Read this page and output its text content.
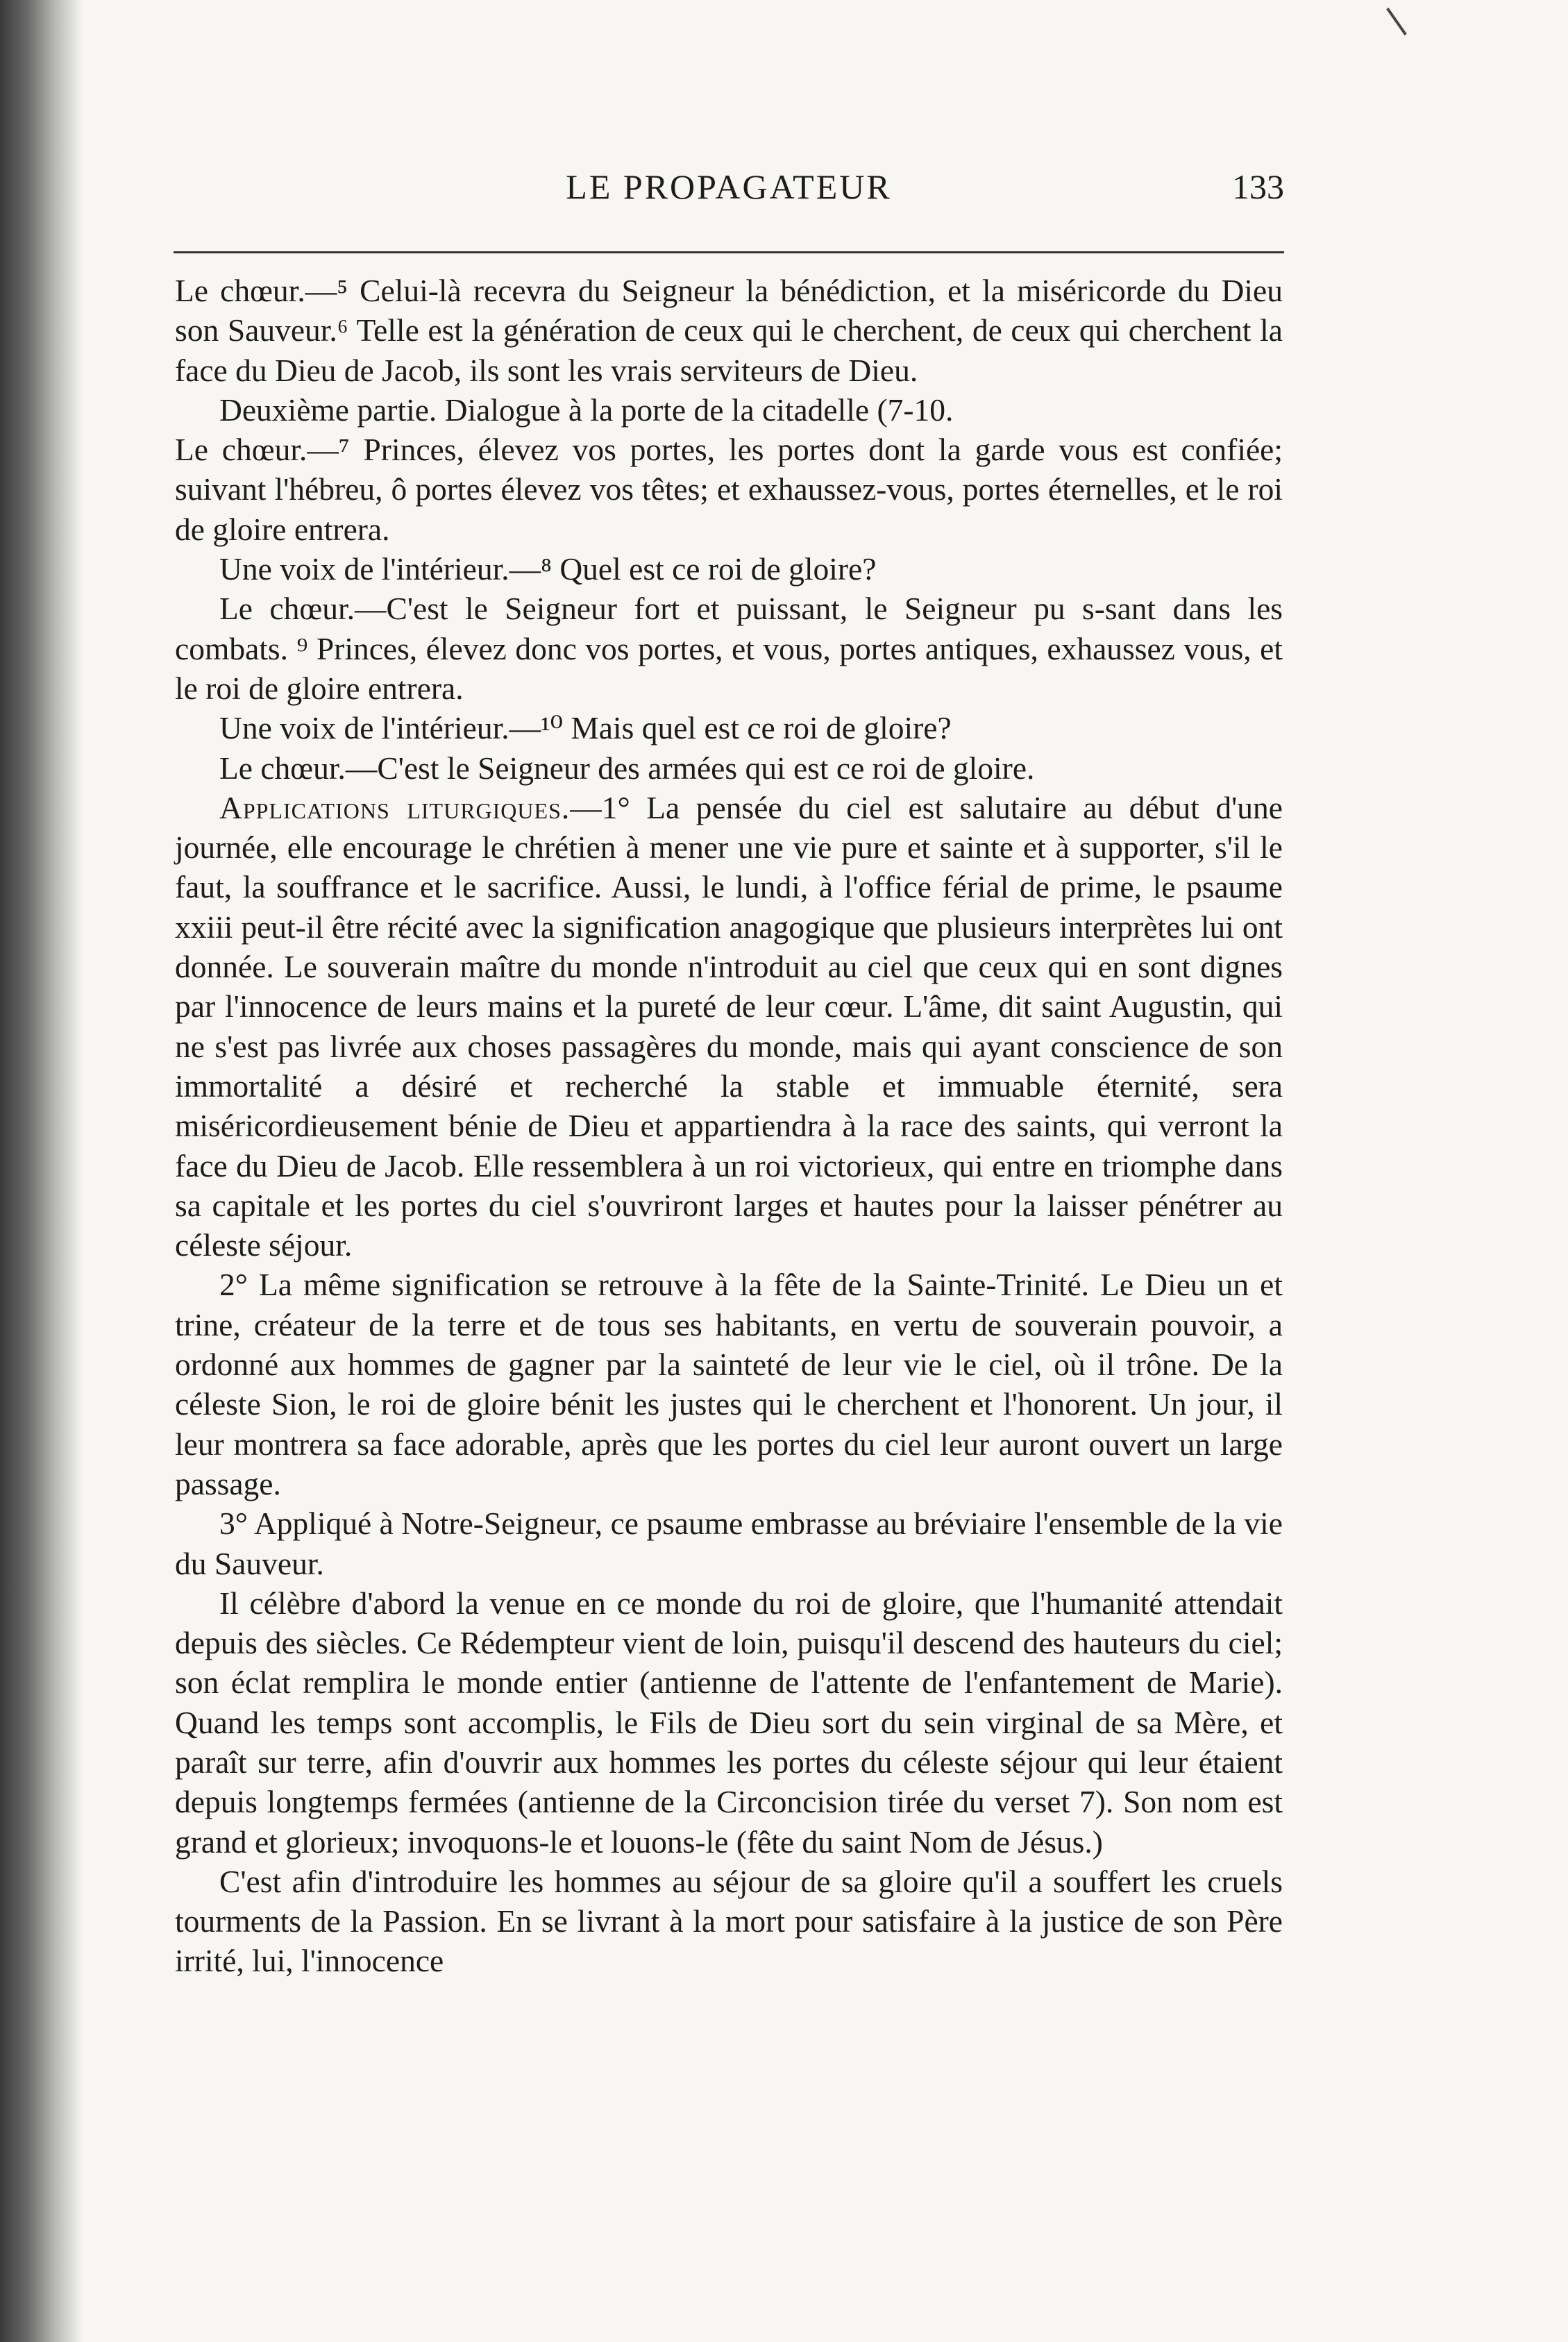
LE PROPAGATEUR	133

Le chœur.—⁵ Celui-là recevra du Seigneur la bénédiction, et la miséricorde du Dieu son Sauveur.⁶ Telle est la génération de ceux qui le cherchent, de ceux qui cherchent la face du Dieu de Jacob, ils sont les vrais serviteurs de Dieu.

Deuxième partie. Dialogue à la porte de la citadelle (7-10.

Le chœur.—⁷ Princes, élevez vos portes, les portes dont la garde vous est confiée; suivant l'hébreu, ô portes élevez vos têtes; et exhaussez-vous, portes éternelles, et le roi de gloire entrera.

Une voix de l'intérieur.—⁸ Quel est ce roi de gloire?

Le chœur.—C'est le Seigneur fort et puissant, le Seigneur pu s-sant dans les combats. ⁹ Princes, élevez donc vos portes, et vous, portes antiques, exhaussez vous, et le roi de gloire entrera.

Une voix de l'intérieur.—¹⁰ Mais quel est ce roi de gloire?

Le chœur.—C'est le Seigneur des armées qui est ce roi de gloire.

Applications liturgiques.—1° La pensée du ciel est salutaire au début d'une journée, elle encourage le chrétien à mener une vie pure et sainte et à supporter, s'il le faut, la souffrance et le sacrifice. Aussi, le lundi, à l'office férial de prime, le psaume xxiii peut-il être récité avec la signification anagogique que plusieurs interprètes lui ont donnée. Le souverain maître du monde n'introduit au ciel que ceux qui en sont dignes par l'innocence de leurs mains et la pureté de leur cœur. L'âme, dit saint Augustin, qui ne s'est pas livrée aux choses passagères du monde, mais qui ayant conscience de son immortalité a désiré et recherché la stable et immuable éternité, sera miséricordieusement bénie de Dieu et appartiendra à la race des saints, qui verront la face du Dieu de Jacob. Elle ressemblera à un roi victorieux, qui entre en triomphe dans sa capitale et les portes du ciel s'ouvriront larges et hautes pour la laisser pénétrer au céleste séjour.

2° La même signification se retrouve à la fête de la Sainte-Trinité. Le Dieu un et trine, créateur de la terre et de tous ses habitants, en vertu de souverain pouvoir, a ordonné aux hommes de gagner par la sainteté de leur vie le ciel, où il trône. De la céleste Sion, le roi de gloire bénit les justes qui le cherchent et l'honorent. Un jour, il leur montrera sa face adorable, après que les portes du ciel leur auront ouvert un large passage.

3° Appliqué à Notre-Seigneur, ce psaume embrasse au bréviaire l'ensemble de la vie du Sauveur.

Il célèbre d'abord la venue en ce monde du roi de gloire, que l'humanité attendait depuis des siècles. Ce Rédempteur vient de loin, puisqu'il descend des hauteurs du ciel; son éclat remplira le monde entier (antienne de l'attente de l'enfantement de Marie). Quand les temps sont accomplis, le Fils de Dieu sort du sein virginal de sa Mère, et paraît sur terre, afin d'ouvrir aux hommes les portes du céleste séjour qui leur étaient depuis longtemps fermées (antienne de la Circoncision tirée du verset 7). Son nom est grand et glorieux; invoquons-le et louons-le (fête du saint Nom de Jésus.)

C'est afin d'introduire les hommes au séjour de sa gloire qu'il a souffert les cruels tourments de la Passion. En se livrant à la mort pour satisfaire à la justice de son Père irrité, lui, l'innocence
